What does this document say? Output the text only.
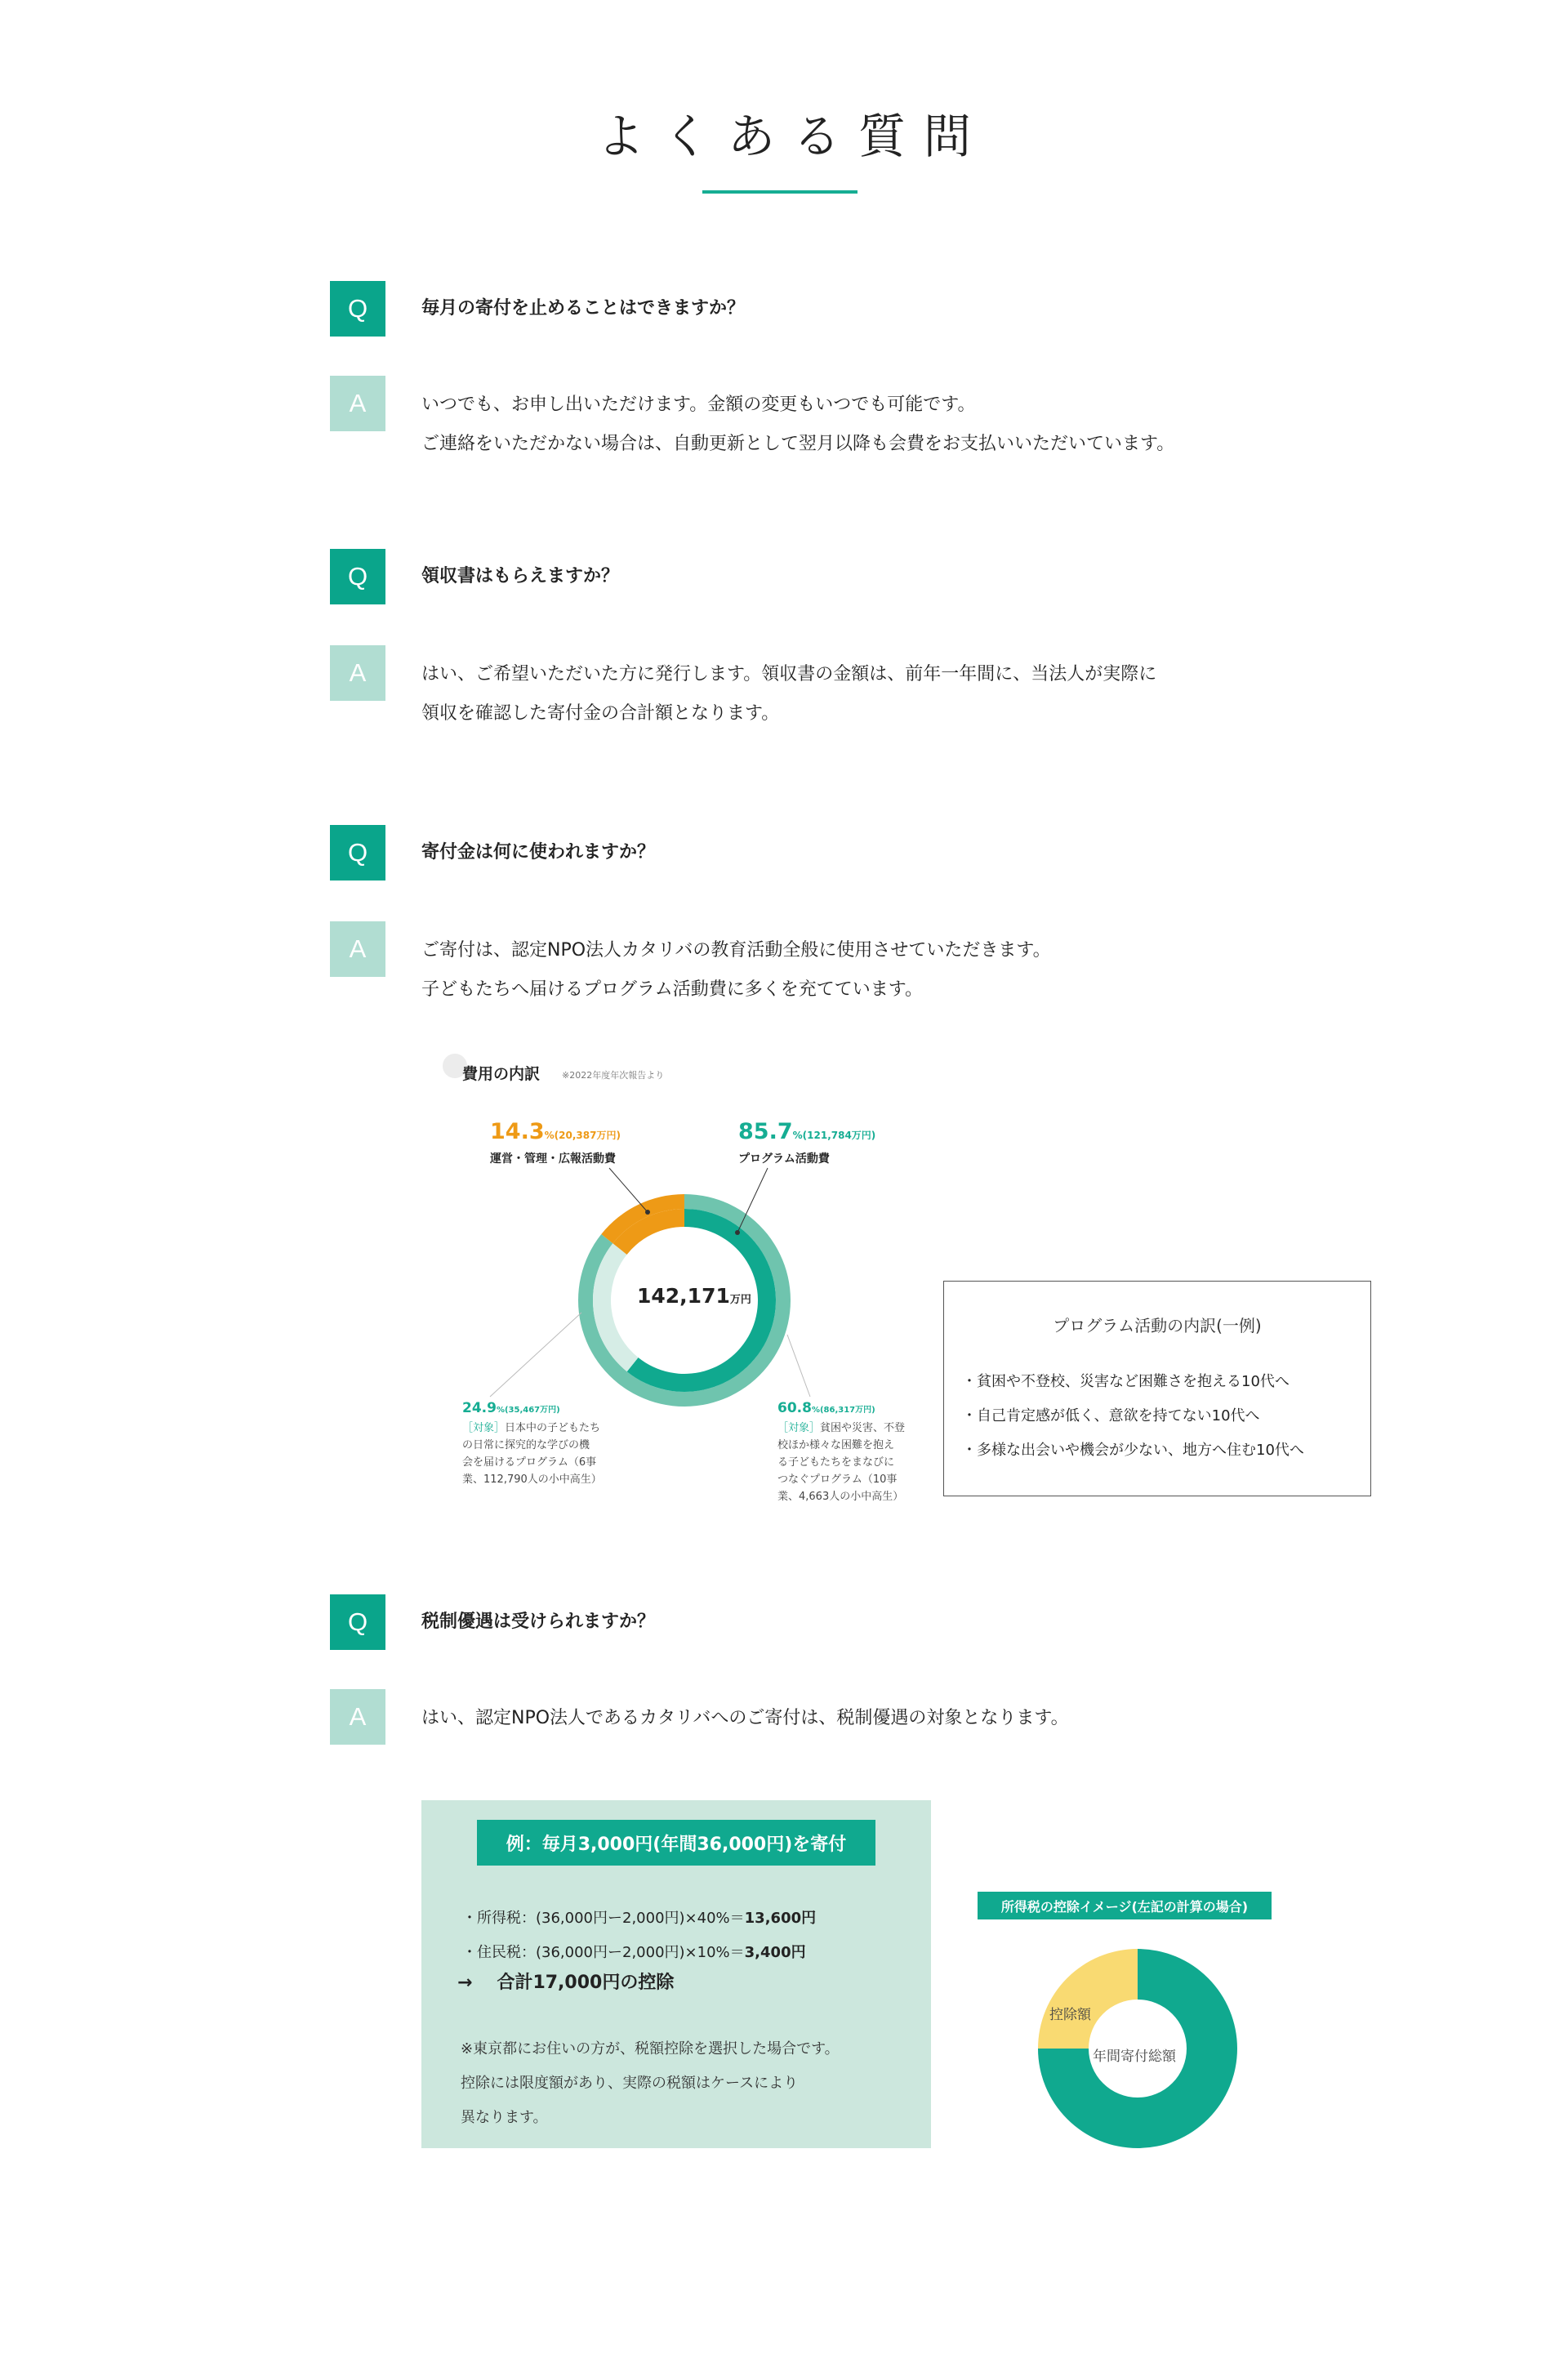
よくある質問
Q	毎月の寄付を止めることはできますか？
A	いつでも、お申し出いただけます。金額の変更もいつでも可能です。
ご連絡をいただかない場合は、自動更新として翌月以降も会費をお支払いいただいています。
Q	領収書はもらえますか？
A	はい、ご希望いただいた方に発行します。領収書の金額は、前年一年間に、当法人が実際に
領収を確認した寄付金の合計額となります。
Q	寄付金は何に使われますか？
A	ご寄付は、認定NPO法人カタリバの教育活動全般に使用させていただきます。
子どもたちへ届けるプログラム活動費に多くを充てています。
費用の内訳 ※2022年度年次報告より
14.3%(20,387万円)
運営・管理・広報活動費
85.7%(121,784万円)
プログラム活動費
142,171万円
24.9%(35,467万円)
［対象］日本中の子どもたち
の日常に探究的な学びの機
会を届けるプログラム（6事
業、112,790人の小中高生）
60.8%(86,317万円)
［対象］貧困や災害、不登
校ほか様々な困難を抱え
る子どもたちをまなびに
つなぐプログラム（10事
業、4,663人の小中高生）
プログラム活動の内訳(一例)
・貧困や不登校、災害など困難さを抱える10代へ
・自己肯定感が低く、意欲を持てない10代へ
・多様な出会いや機会が少ない、地方へ住む10代へ
Q	税制優遇は受けられますか？
A	はい、認定NPO法人であるカタリバへのご寄付は、税制優遇の対象となります。
例：毎月3,000円(年間36,000円)を寄付
・所得税：(36,000円ー2,000円)×40%＝13,600円
・住民税：(36,000円ー2,000円)×10%＝3,400円
→ 合計17,000円の控除
※東京都にお住いの方が、税額控除を選択した場合です。
控除には限度額があり、実際の税額はケースにより
異なります。
所得税の控除イメージ(左記の計算の場合)
控除額
年間寄付総額
